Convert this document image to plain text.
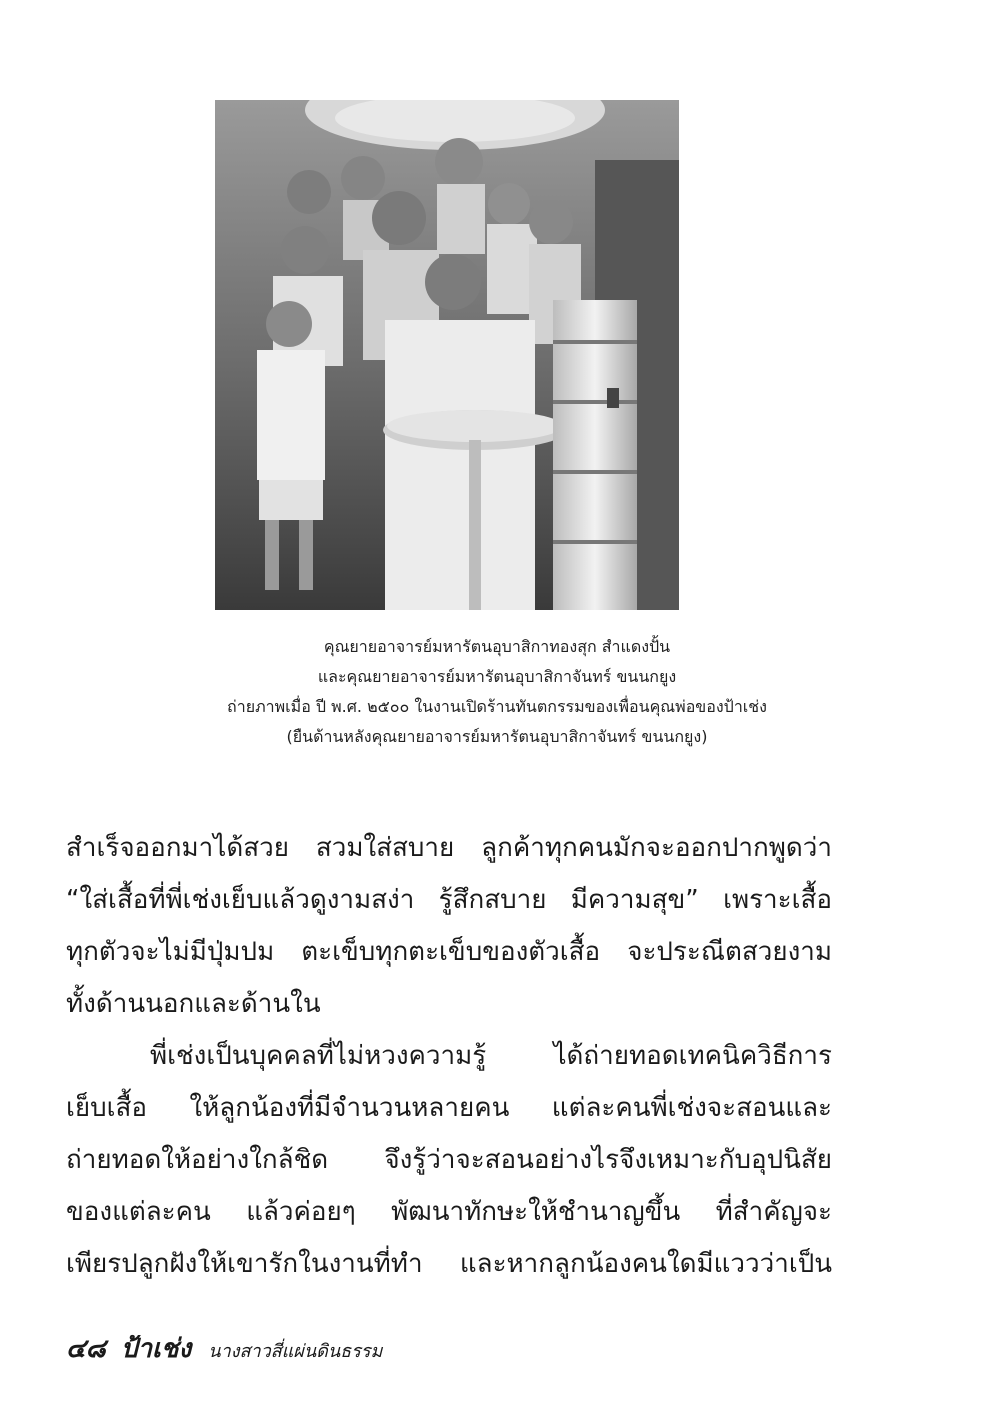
คุณยายอาจารย์มหารัตนอุบาสิกาทองสุก สำแดงปั้น
และคุณยายอาจารย์มหารัตนอุบาสิกาจันทร์ ขนนกยูง
ถ่ายภาพเมื่อ ปี พ.ศ. ๒๕๐๐ ในงานเปิดร้านทันตกรรมของเพื่อนคุณพ่อของป้าเช่ง
(ยืนด้านหลังคุณยายอาจารย์มหารัตนอุบาสิกาจันทร์ ขนนกยูง)
สำเร็จออกมาได้สวย สวมใส่สบาย ลูกค้าทุกคนมักจะออกปากพูดว่า
“ใส่เสื้อที่พี่เช่งเย็บแล้วดูงามสง่า รู้สึกสบาย มีความสุข” เพราะเสื้อ
ทุกตัวจะไม่มีปุ่มปม ตะเข็บทุกตะเข็บของตัวเสื้อ จะประณีตสวยงาม
ทั้งด้านนอกและด้านใน
พี่เช่งเป็นบุคคลที่ไม่หวงความรู้ ได้ถ่ายทอดเทคนิควิธีการ
เย็บเสื้อ ให้ลูกน้องที่มีจำนวนหลายคน แต่ละคนพี่เช่งจะสอนและ
ถ่ายทอดให้อย่างใกล้ชิด จึงรู้ว่าจะสอนอย่างไรจึงเหมาะกับอุปนิสัย
ของแต่ละคน แล้วค่อยๆ พัฒนาทักษะให้ชำนาญขึ้น ที่สำคัญจะ
เพียรปลูกฝังให้เขารักในงานที่ทำ และหากลูกน้องคนใดมีแววว่าเป็น
๔๘ ป้าเช่ง นางสาวสี่แผ่นดินธรรม
